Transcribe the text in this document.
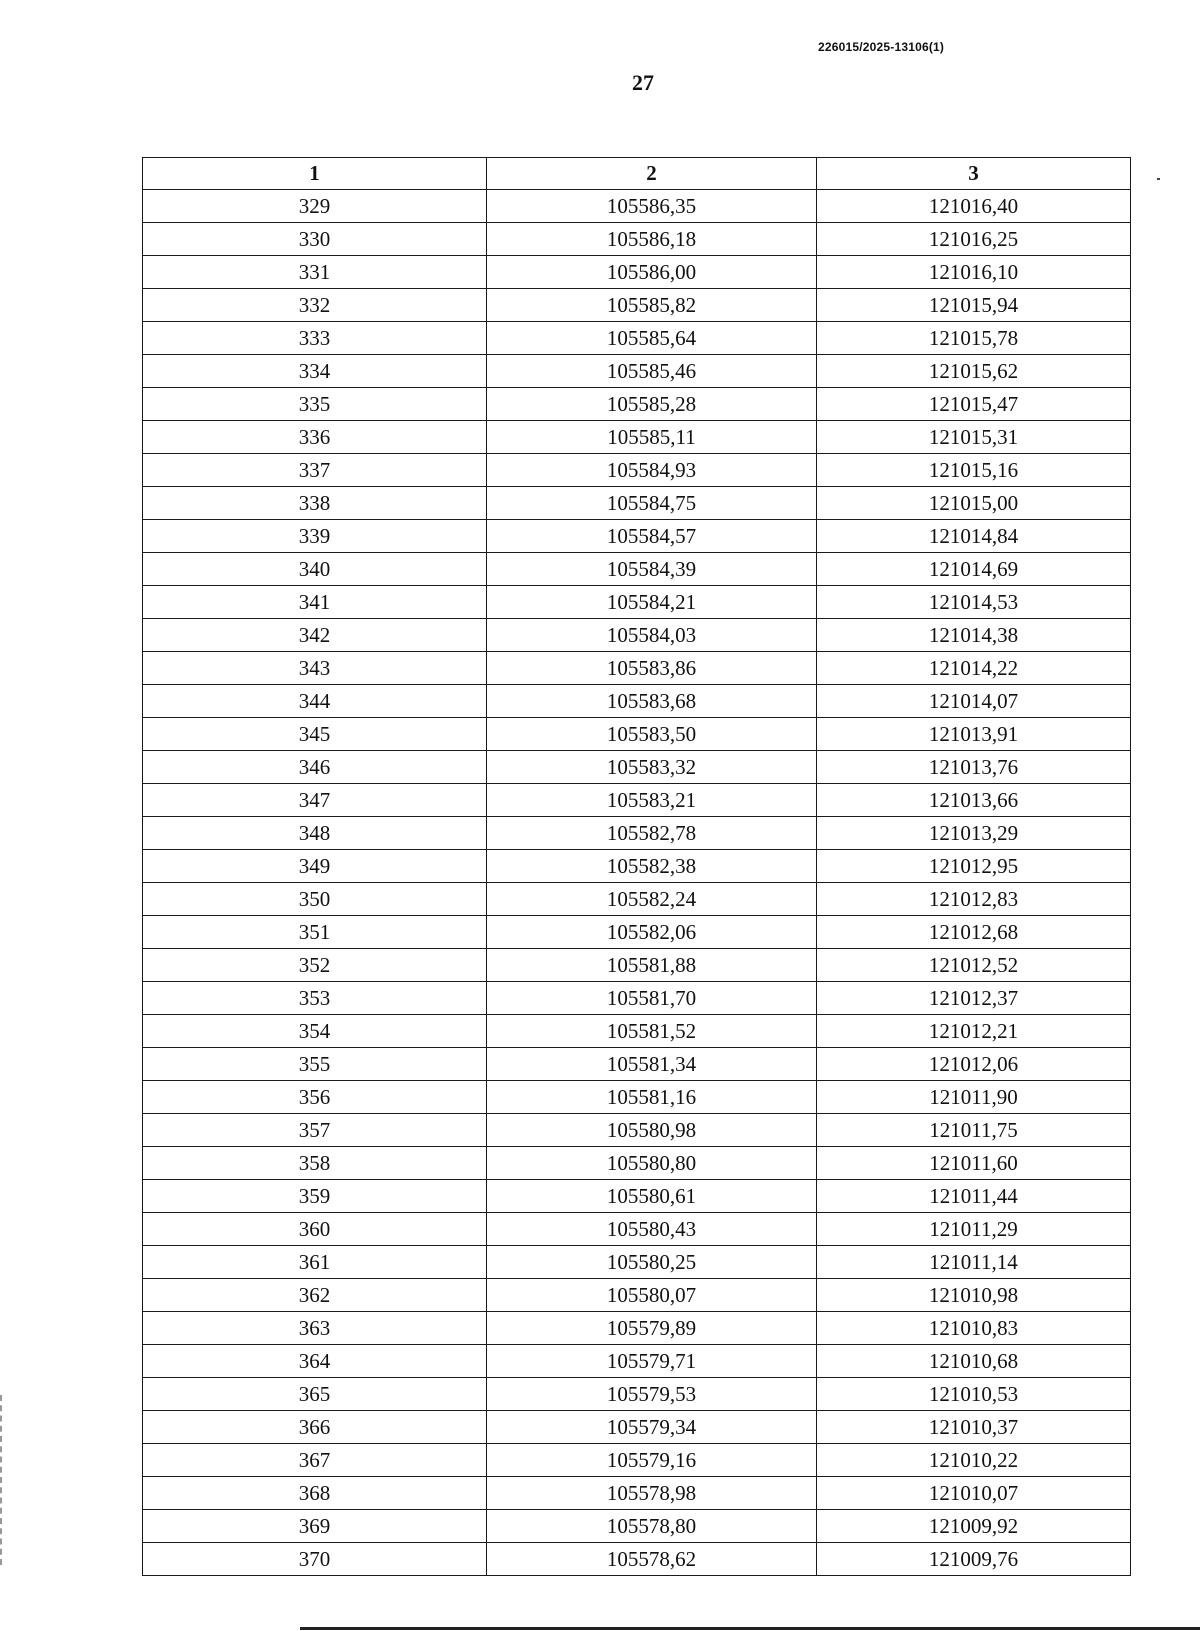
226015/2025-13106(1)
27
1	2	3
329	105586,35	121016,40
330	105586,18	121016,25
331	105586,00	121016,10
332	105585,82	121015,94
333	105585,64	121015,78
334	105585,46	121015,62
335	105585,28	121015,47
336	105585,11	121015,31
337	105584,93	121015,16
338	105584,75	121015,00
339	105584,57	121014,84
340	105584,39	121014,69
341	105584,21	121014,53
342	105584,03	121014,38
343	105583,86	121014,22
344	105583,68	121014,07
345	105583,50	121013,91
346	105583,32	121013,76
347	105583,21	121013,66
348	105582,78	121013,29
349	105582,38	121012,95
350	105582,24	121012,83
351	105582,06	121012,68
352	105581,88	121012,52
353	105581,70	121012,37
354	105581,52	121012,21
355	105581,34	121012,06
356	105581,16	121011,90
357	105580,98	121011,75
358	105580,80	121011,60
359	105580,61	121011,44
360	105580,43	121011,29
361	105580,25	121011,14
362	105580,07	121010,98
363	105579,89	121010,83
364	105579,71	121010,68
365	105579,53	121010,53
366	105579,34	121010,37
367	105579,16	121010,22
368	105578,98	121010,07
369	105578,80	121009,92
370	105578,62	121009,76
